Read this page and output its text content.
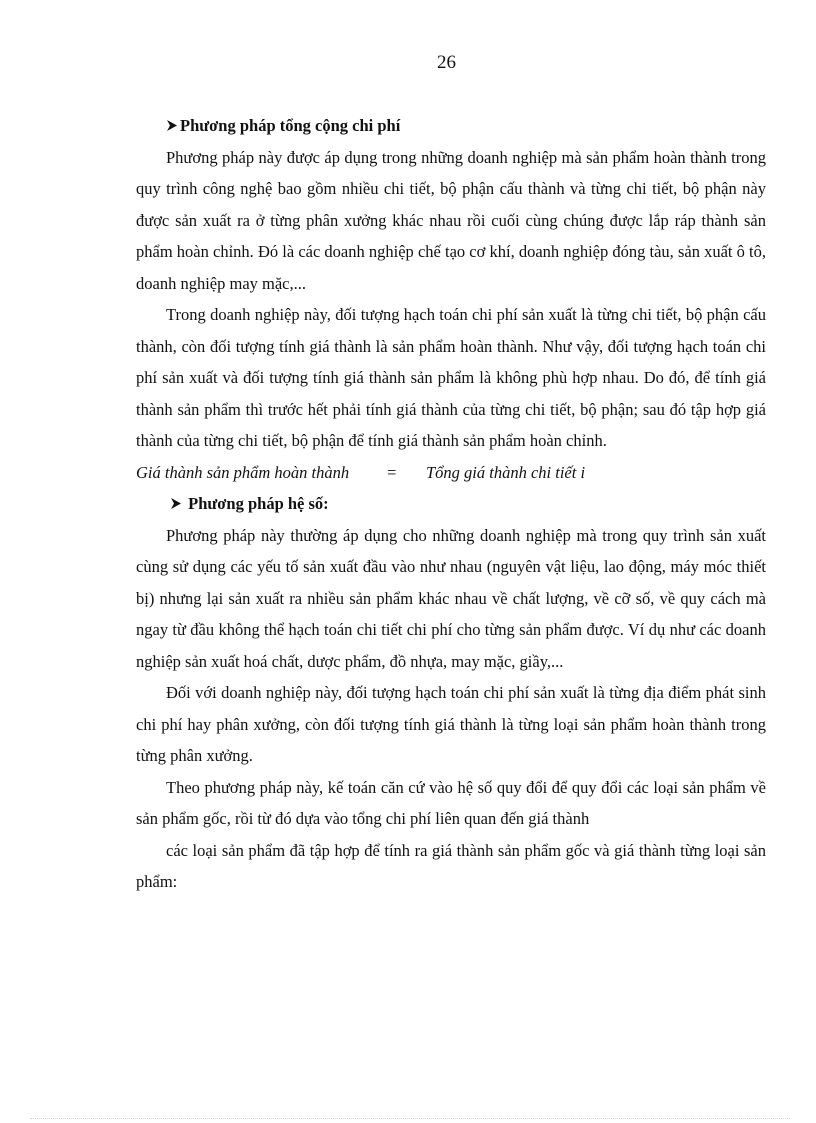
26

Phương pháp tổng cộng chi phí

Phương pháp này được áp dụng trong những doanh nghiệp mà sản phẩm hoàn thành trong quy trình công nghệ bao gồm nhiều chi tiết, bộ phận cấu thành và từng chi tiết, bộ phận này được sản xuất ra ở từng phân xưởng khác nhau rồi cuối cùng chúng được lắp ráp thành sản phẩm hoàn chỉnh. Đó là các doanh nghiệp chế tạo cơ khí, doanh nghiệp đóng tàu, sản xuất ô tô, doanh nghiệp may mặc,...

Trong doanh nghiệp này, đối tượng hạch toán chi phí sản xuất là từng chi tiết, bộ phận cấu thành, còn đối tượng tính giá thành là sản phẩm hoàn thành. Như vậy, đối tượng hạch toán chi phí sản xuất và đối tượng tính giá thành sản phẩm là không phù hợp nhau. Do đó, để tính giá thành sản phẩm thì trước hết phải tính giá thành của từng chi tiết, bộ phận; sau đó tập hợp giá thành của từng chi tiết, bộ phận để tính giá thành sản phẩm hoàn chỉnh.

Giá thành sản phẩm hoàn thành	=	Tổng giá thành chi tiết i

Phương pháp hệ số:

Phương pháp này thường áp dụng cho những doanh nghiệp mà trong quy trình sản xuất cùng sử dụng các yếu tố sản xuất đầu vào như nhau (nguyên vật liệu, lao động, máy móc thiết bị) nhưng lại sản xuất ra nhiều sản phẩm khác nhau về chất lượng, về cỡ số, về quy cách mà ngay từ đầu không thể hạch toán chi tiết chi phí cho từng sản phẩm được. Ví dụ như các doanh nghiệp sản xuất hoá chất, dược phẩm, đồ nhựa, may mặc, giầy,...

Đối với doanh nghiệp này, đối tượng hạch toán chi phí sản xuất là từng địa điểm phát sinh chi phí hay phân xưởng, còn đối tượng tính giá thành là từng loại sản phẩm hoàn thành trong từng phân xưởng.

Theo phương pháp này, kế toán căn cứ vào hệ số quy đổi để quy đổi các loại sản phẩm về sản phẩm gốc, rồi từ đó dựa vào tổng chi phí liên quan đến giá thành

các loại sản phẩm đã tập hợp để tính ra giá thành sản phẩm gốc và giá thành từng loại sản phẩm:
